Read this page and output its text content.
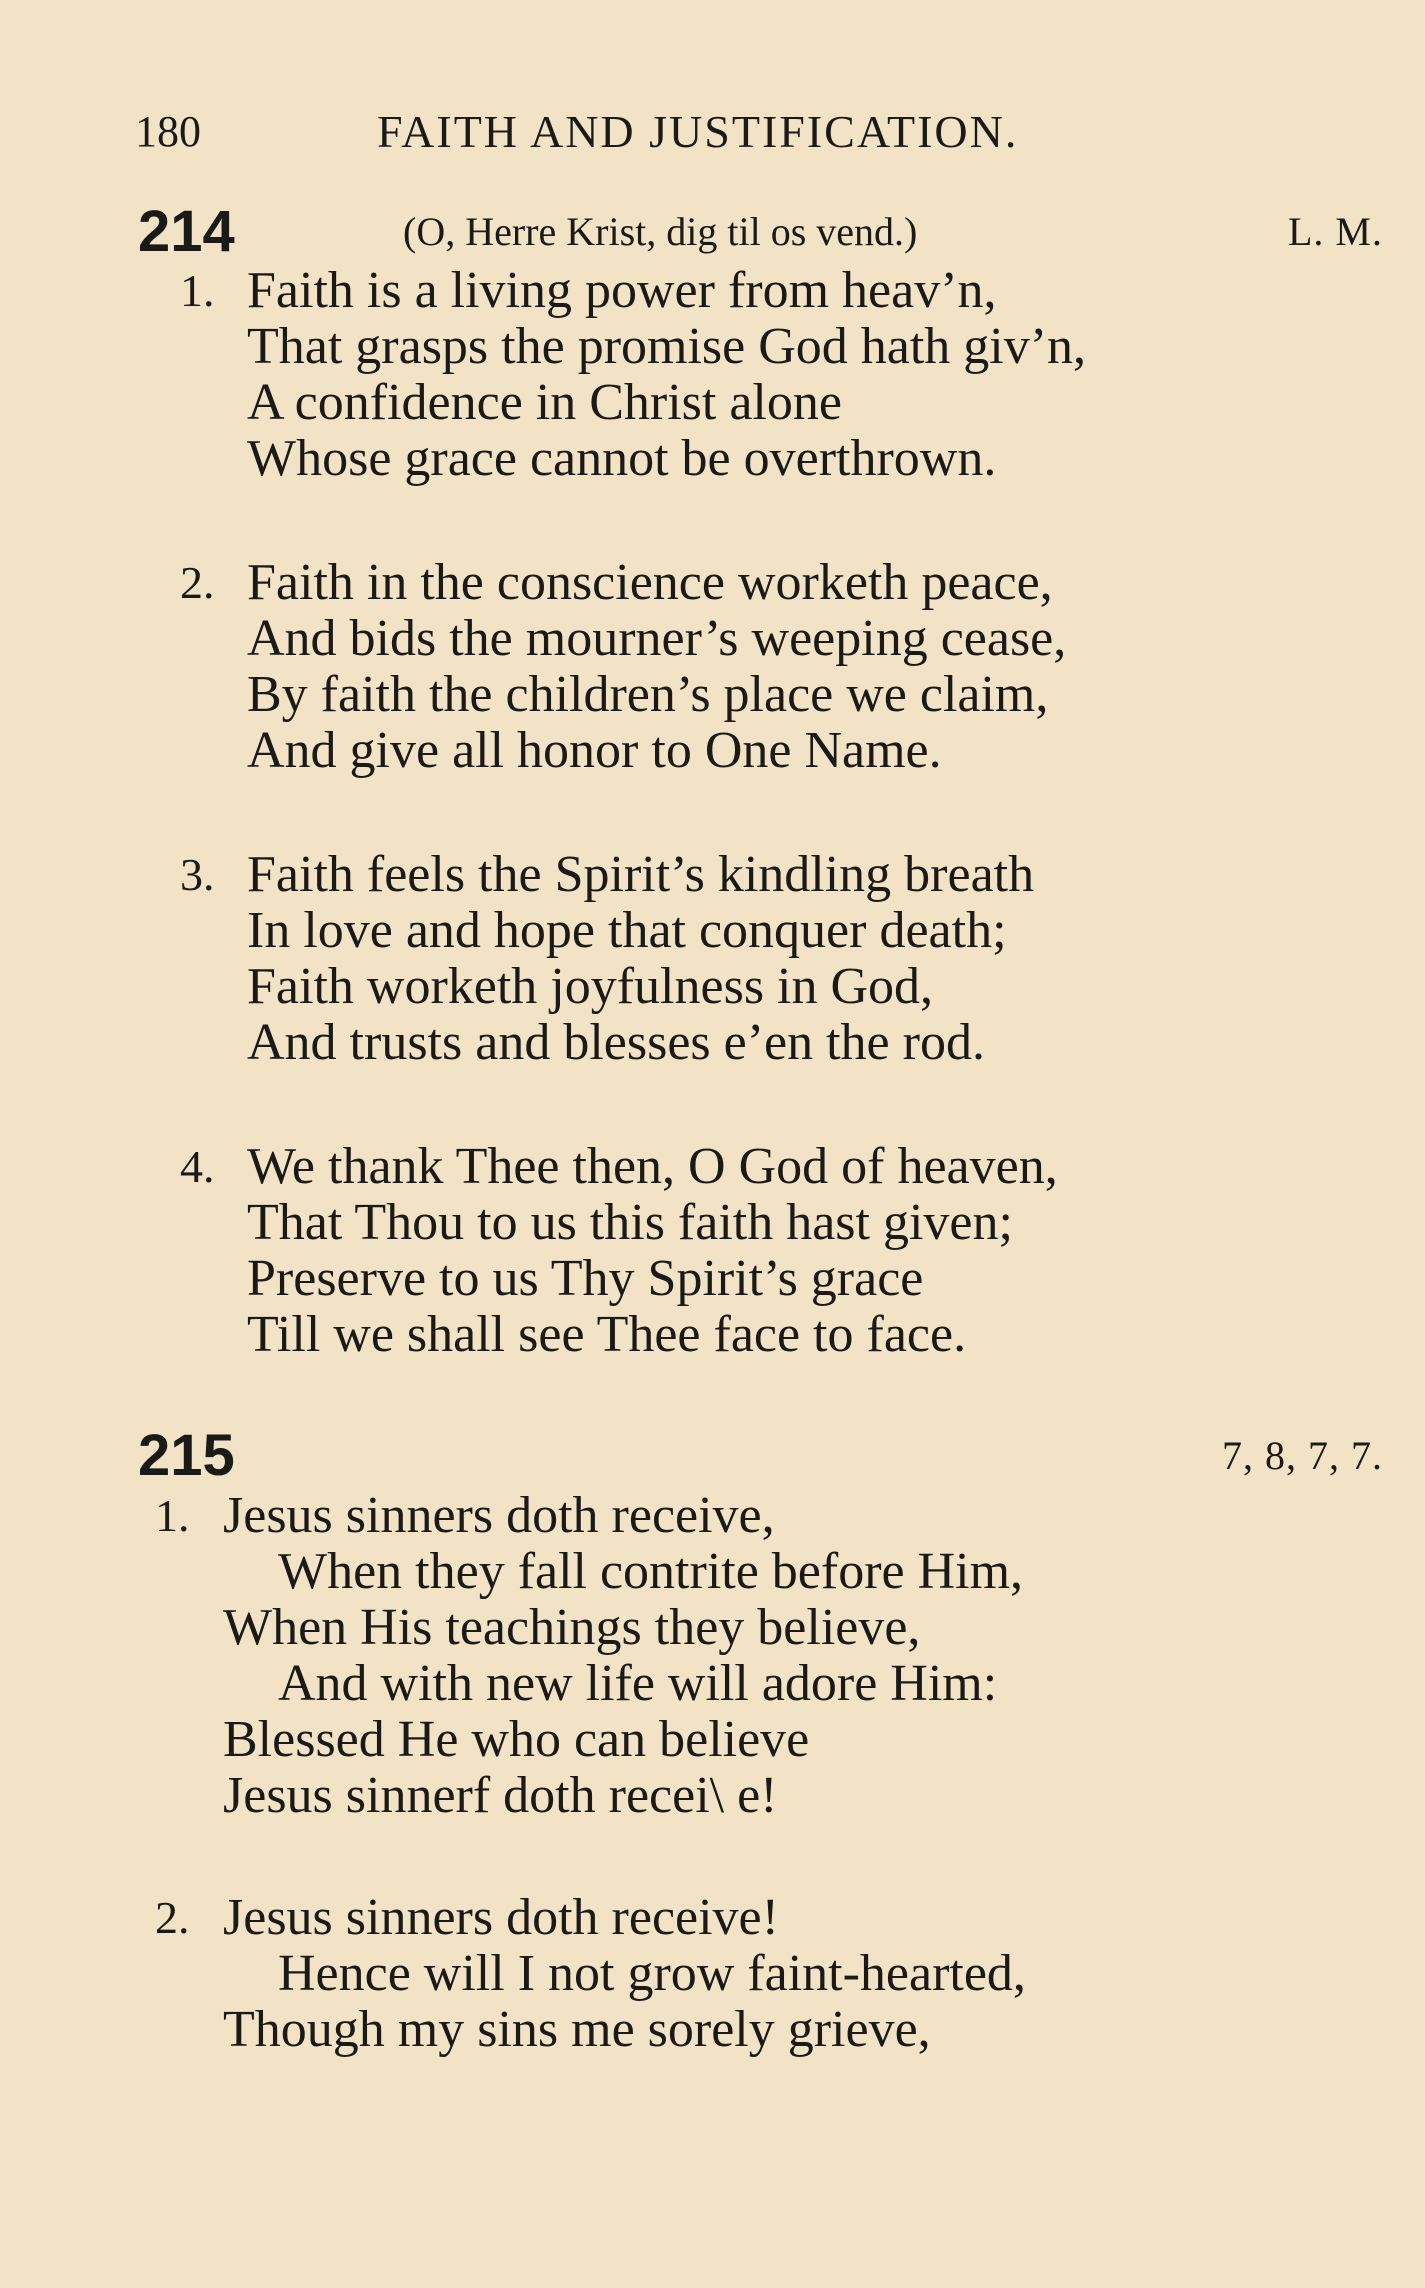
180	FAITH AND JUSTIFICATION.
214	(O, Herre Krist, dig til os vend.)	L. M.
1. Faith is a living power from heav’n,
That grasps the promise God hath giv’n,
A confidence in Christ alone
Whose grace cannot be overthrown.
2. Faith in the conscience worketh peace,
And bids the mourner’s weeping cease,
By faith the children’s place we claim,
And give all honor to One Name.
3. Faith feels the Spirit’s kindling breath
In love and hope that conquer death;
Faith worketh joyfulness in God,
And trusts and blesses e’en the rod.
4. We thank Thee then, O God of heaven,
That Thou to us this faith hast given;
Preserve to us Thy Spirit’s grace
Till we shall see Thee face to face.
215	7, 8, 7, 7.
1. Jesus sinners doth receive,
When they fall contrite before Him,
When His teachings they believe,
And with new life will adore Him:
Blessed He who can believe
Jesus sinnerf doth recei\ e!
2. Jesus sinners doth receive!
Hence will I not grow faint-hearted,
Though my sins me sorely grieve,
